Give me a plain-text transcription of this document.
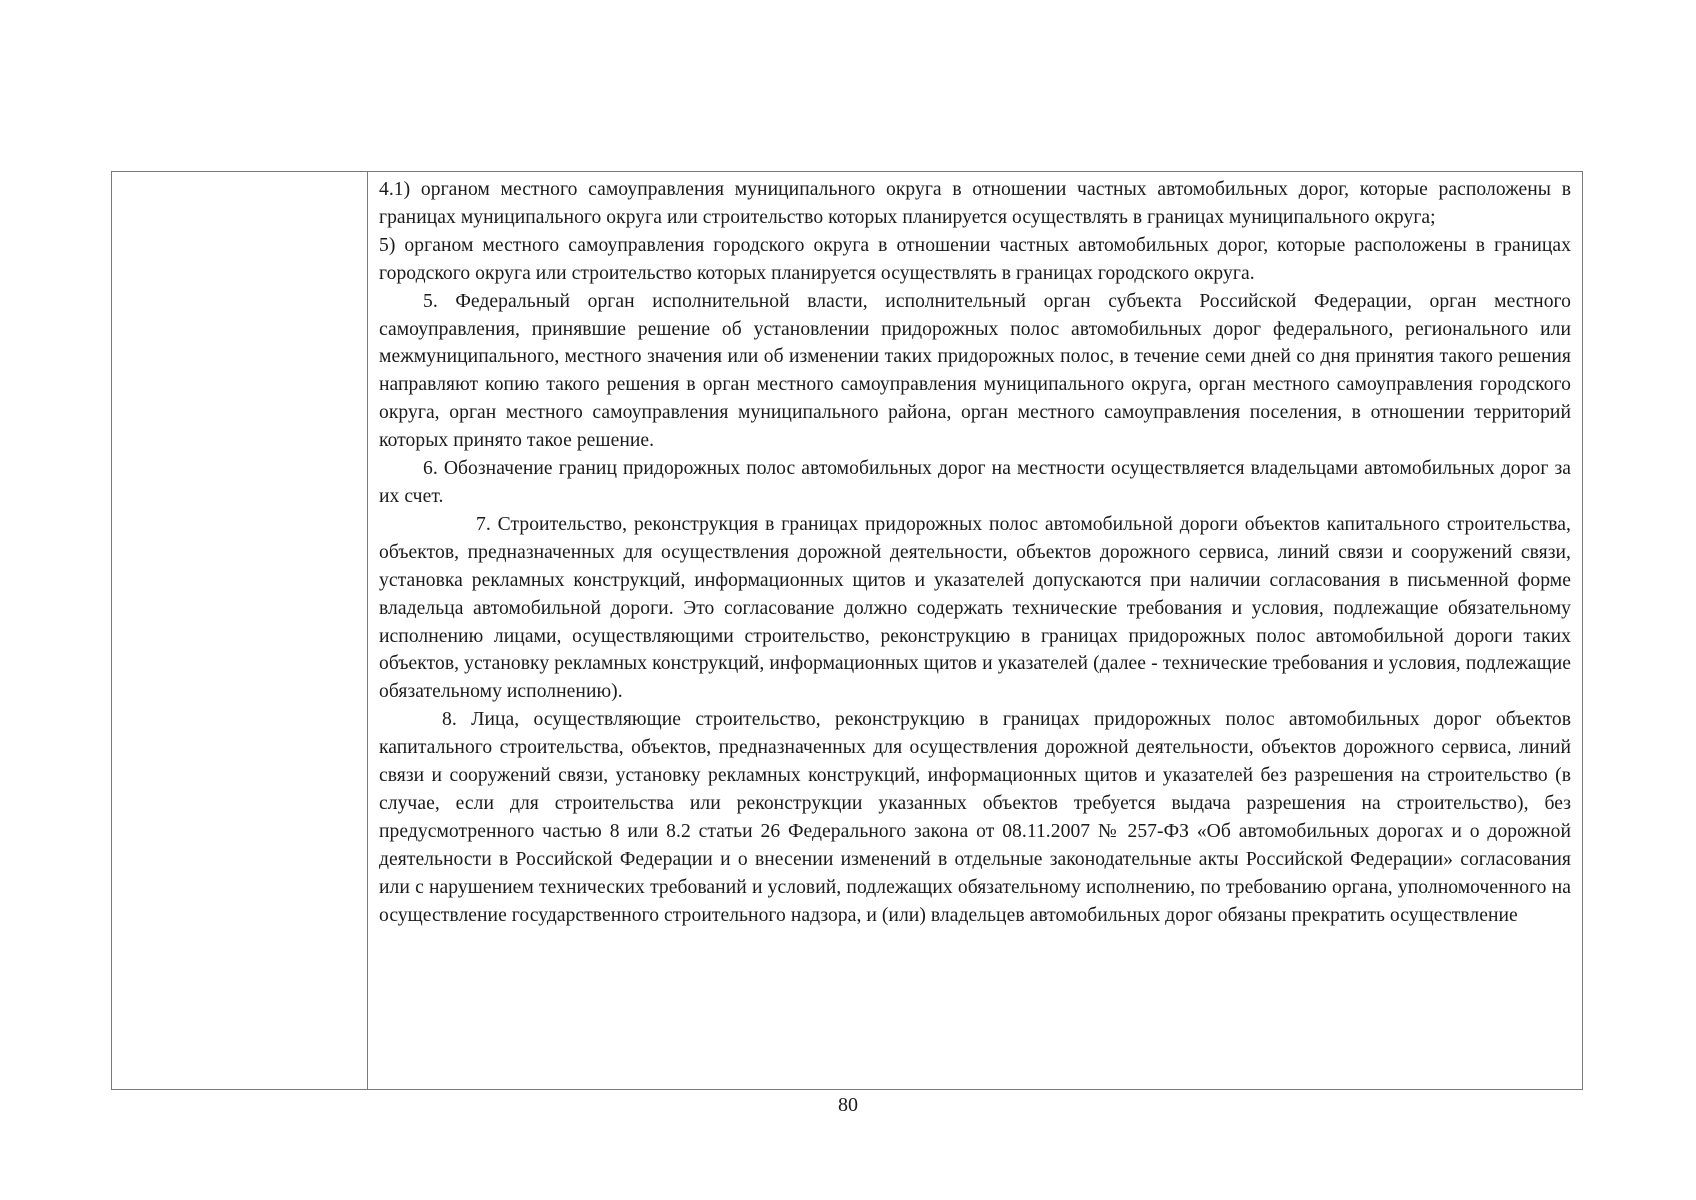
4.1) органом местного самоуправления муниципального округа в отношении частных автомобильных дорог, которые расположены в границах муниципального округа или строительство которых планируется осуществлять в границах муниципального округа;

5) органом местного самоуправления городского округа в отношении частных автомобильных дорог, которые расположены в границах городского округа или строительство которых планируется осуществлять в границах городского округа.

5. Федеральный орган исполнительной власти, исполнительный орган субъекта Российской Федерации, орган местного самоуправления, принявшие решение об установлении придорожных полос автомобильных дорог федерального, регионального или межмуниципального, местного значения или об изменении таких придорожных полос, в течение семи дней со дня принятия такого решения направляют копию такого решения в орган местного самоуправления муниципального округа, орган местного самоуправления городского округа, орган местного самоуправления муниципального района, орган местного самоуправления поселения, в отношении территорий которых принято такое решение.

6. Обозначение границ придорожных полос автомобильных дорог на местности осуществляется владельцами автомобильных дорог за их счет.

7. Строительство, реконструкция в границах придорожных полос автомобильной дороги объектов капитального строительства, объектов, предназначенных для осуществления дорожной деятельности, объектов дорожного сервиса, линий связи и сооружений связи, установка рекламных конструкций, информационных щитов и указателей допускаются при наличии согласования в письменной форме владельца автомобильной дороги. Это согласование должно содержать технические требования и условия, подлежащие обязательному исполнению лицами, осуществляющими строительство, реконструкцию в границах придорожных полос автомобильной дороги таких объектов, установку рекламных конструкций, информационных щитов и указателей (далее - технические требования и условия, подлежащие обязательному исполнению).

8. Лица, осуществляющие строительство, реконструкцию в границах придорожных полос автомобильных дорог объектов капитального строительства, объектов, предназначенных для осуществления дорожной деятельности, объектов дорожного сервиса, линий связи и сооружений связи, установку рекламных конструкций, информационных щитов и указателей без разрешения на строительство (в случае, если для строительства или реконструкции указанных объектов требуется выдача разрешения на строительство), без предусмотренного частью 8 или 8.2 статьи 26 Федерального закона от 08.11.2007 № 257-ФЗ «Об автомобильных дорогах и о дорожной деятельности в Российской Федерации и о внесении изменений в отдельные законодательные акты Российской Федерации» согласования или с нарушением технических требований и условий, подлежащих обязательному исполнению, по требованию органа, уполномоченного на осуществление государственного строительного надзора, и (или) владельцев автомобильных дорог обязаны прекратить осуществление

80
